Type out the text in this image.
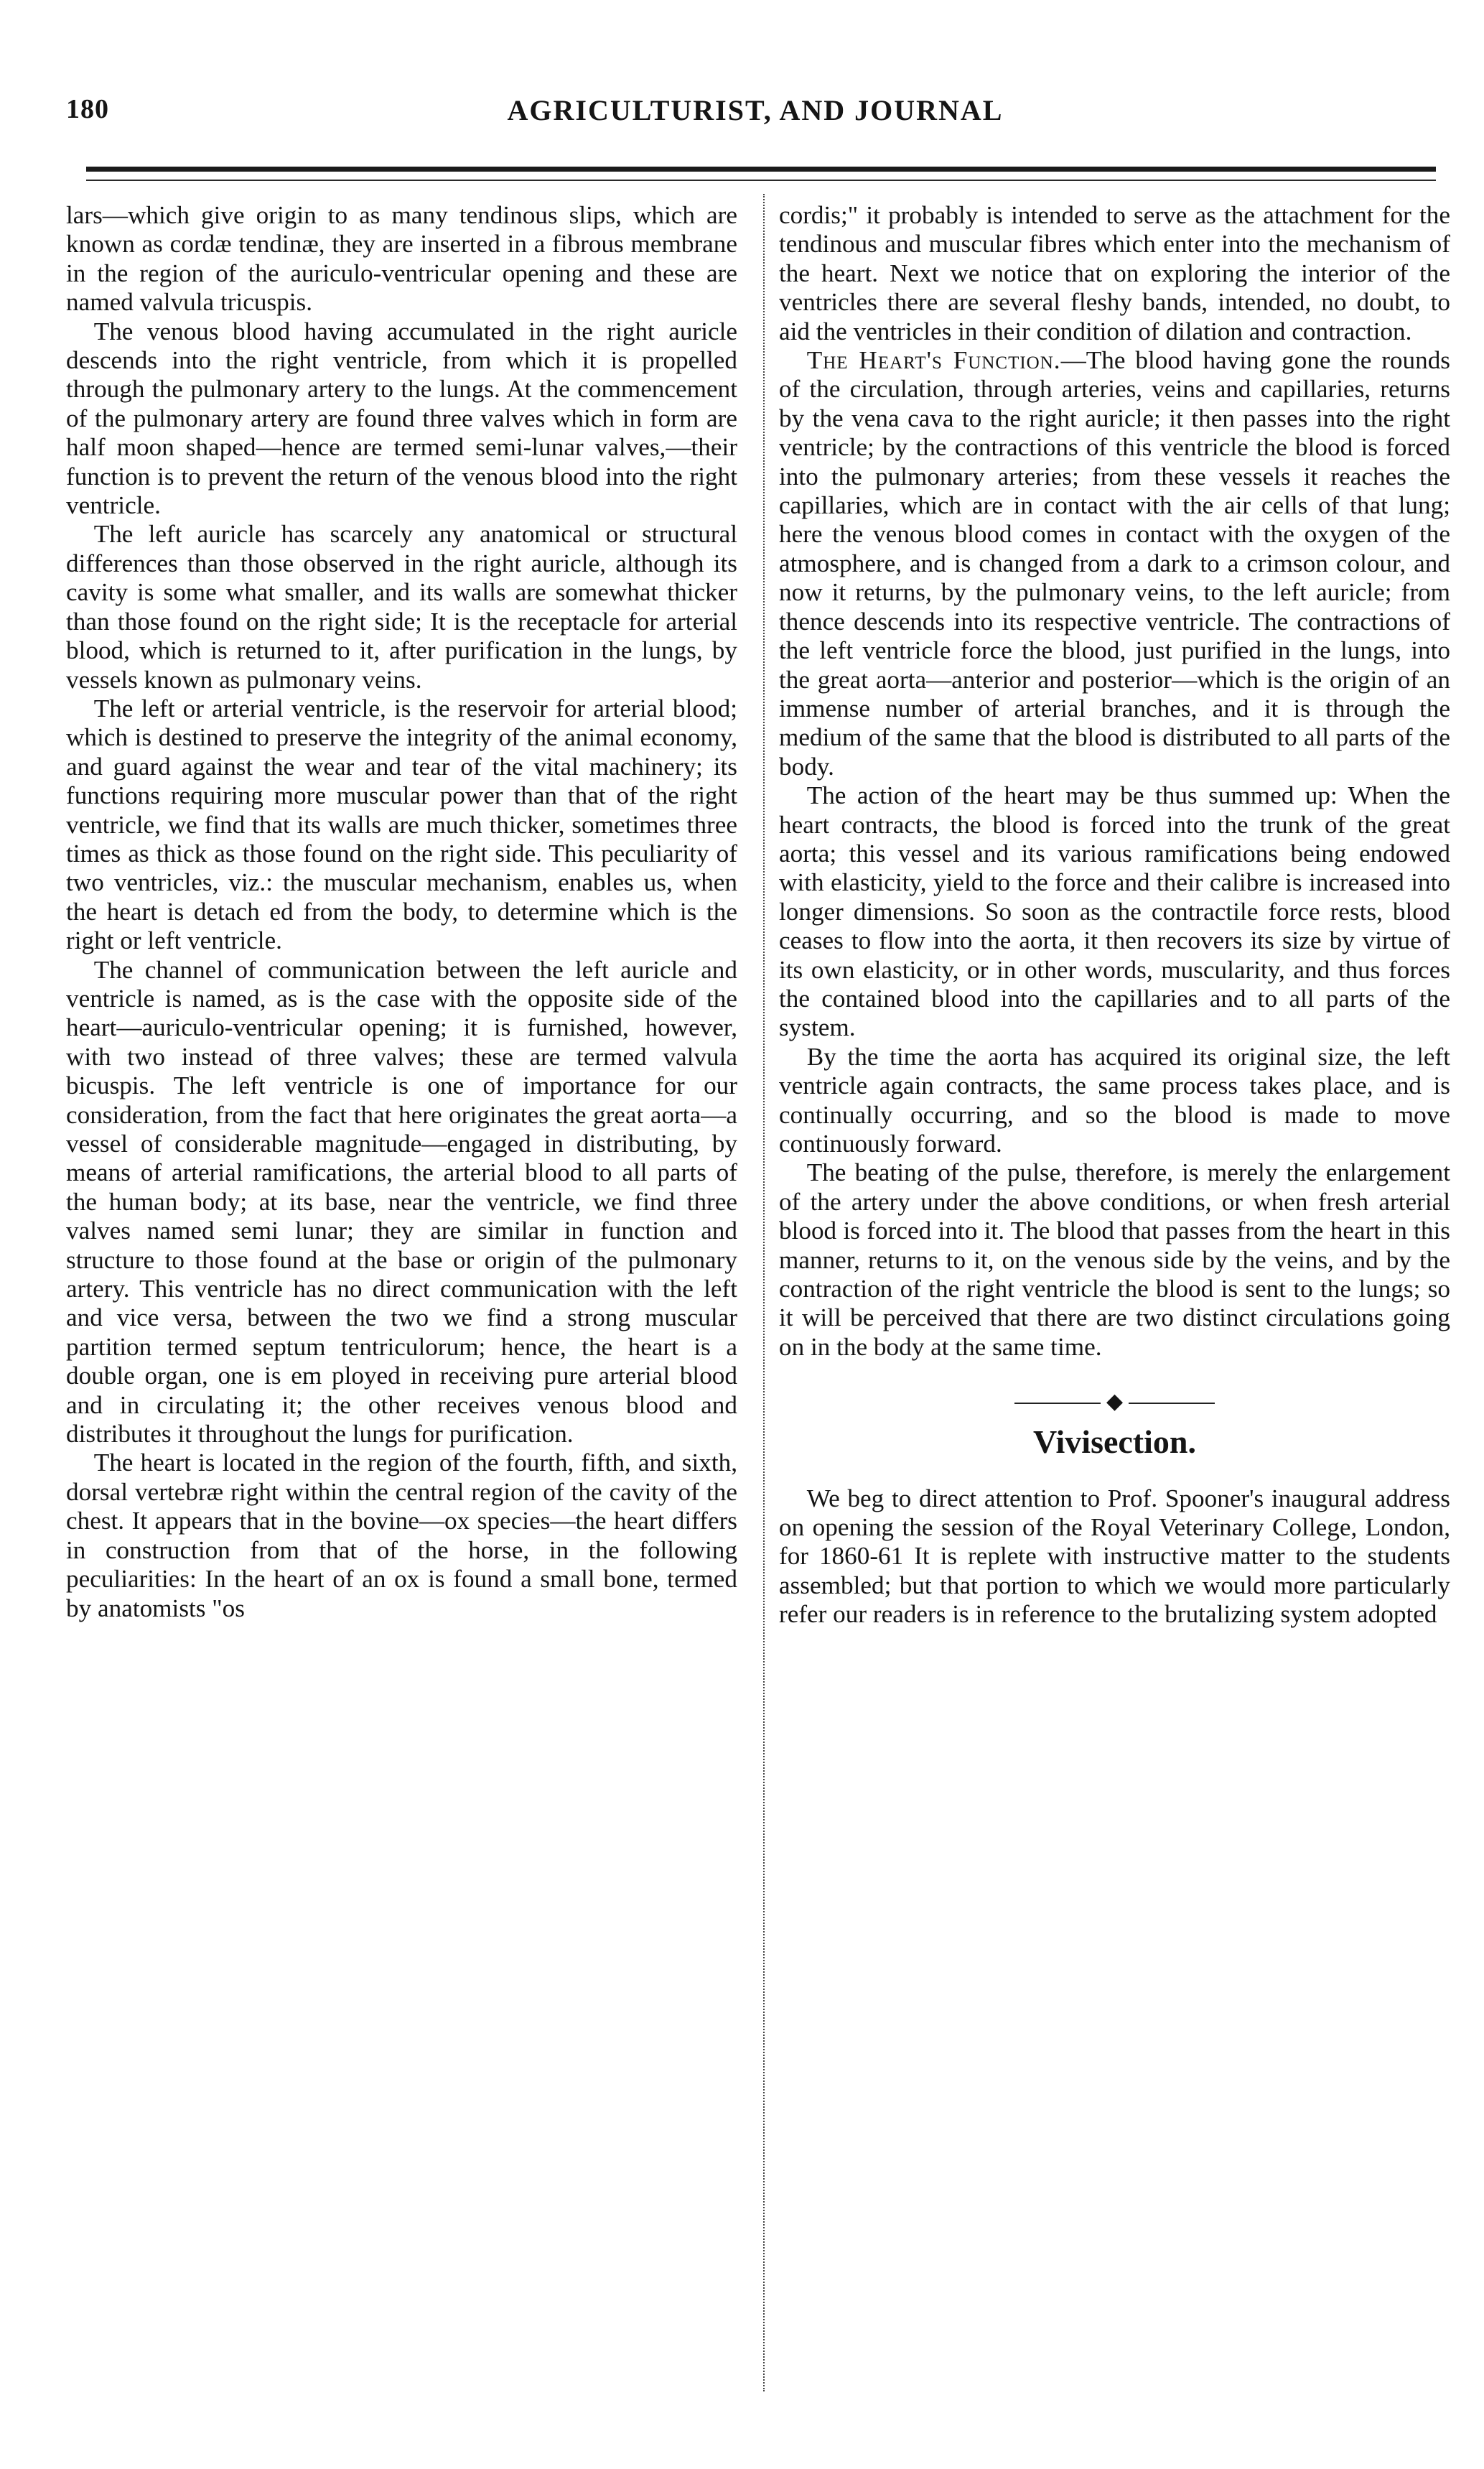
180	AGRICULTURIST, AND JOURNAL

lars—which give origin to as many tendinous slips, which are known as cordæ tendinæ, they are inserted in a fibrous membrane in the region of the auriculo-ventricular opening and these are named valvula tricuspis.

The venous blood having accumulated in the right auricle descends into the right ventricle, from which it is propelled through the pulmonary artery to the lungs. At the commencement of the pulmonary artery are found three valves which in form are half moon shaped—hence are termed semi-lunar valves,—their function is to prevent the return of the venous blood into the right ventricle.

The left auricle has scarcely any anatomical or structural differences than those observed in the right auricle, although its cavity is some what smaller, and its walls are somewhat thicker than those found on the right side; It is the receptacle for arterial blood, which is returned to it, after purification in the lungs, by vessels known as pulmonary veins.

The left or arterial ventricle, is the reservoir for arterial blood; which is destined to preserve the integrity of the animal economy, and guard against the wear and tear of the vital machinery; its functions requiring more muscular power than that of the right ventricle, we find that its walls are much thicker, sometimes three times as thick as those found on the right side. This peculiarity of two ventricles, viz.: the muscular mechanism, enables us, when the heart is detach ed from the body, to determine which is the right or left ventricle.

The channel of communication between the left auricle and ventricle is named, as is the case with the opposite side of the heart—auriculo-ventricular opening; it is furnished, however, with two instead of three valves; these are termed valvula bicuspis. The left ventricle is one of importance for our consideration, from the fact that here originates the great aorta—a vessel of considerable magnitude—engaged in distributing, by means of arterial ramifications, the arterial blood to all parts of the human body; at its base, near the ventricle, we find three valves named semi lunar; they are similar in function and structure to those found at the base or origin of the pulmonary artery. This ventricle has no direct communication with the left and vice versa, between the two we find a strong muscular partition termed septum tentriculorum; hence, the heart is a double organ, one is em ployed in receiving pure arterial blood and in circulating it; the other receives venous blood and distributes it throughout the lungs for purification.

The heart is located in the region of the fourth, fifth, and sixth, dorsal vertebræ right within the central region of the cavity of the chest. It appears that in the bovine—ox species—the heart differs in construction from that of the horse, in the following peculiarities: In the heart of an ox is found a small bone, termed by anatomists "os

cordis;" it probably is intended to serve as the attachment for the tendinous and muscular fibres which enter into the mechanism of the heart. Next we notice that on exploring the interior of the ventricles there are several fleshy bands, intended, no doubt, to aid the ventricles in their condition of dilation and contraction.

The Heart's Function.—The blood having gone the rounds of the circulation, through arteries, veins and capillaries, returns by the vena cava to the right auricle; it then passes into the right ventricle; by the contractions of this ventricle the blood is forced into the pulmonary arteries; from these vessels it reaches the capillaries, which are in contact with the air cells of that lung; here the venous blood comes in contact with the oxygen of the atmosphere, and is changed from a dark to a crimson colour, and now it returns, by the pulmonary veins, to the left auricle; from thence descends into its respective ventricle. The contractions of the left ventricle force the blood, just purified in the lungs, into the great aorta—anterior and posterior—which is the origin of an immense number of arterial branches, and it is through the medium of the same that the blood is distributed to all parts of the body.

The action of the heart may be thus summed up: When the heart contracts, the blood is forced into the trunk of the great aorta; this vessel and its various ramifications being endowed with elasticity, yield to the force and their calibre is increased into longer dimensions. So soon as the contractile force rests, blood ceases to flow into the aorta, it then recovers its size by virtue of its own elasticity, or in other words, muscularity, and thus forces the contained blood into the capillaries and to all parts of the system.

By the time the aorta has acquired its original size, the left ventricle again contracts, the same process takes place, and is continually occurring, and so the blood is made to move continuously forward.

The beating of the pulse, therefore, is merely the enlargement of the artery under the above conditions, or when fresh arterial blood is forced into it. The blood that passes from the heart in this manner, returns to it, on the venous side by the veins, and by the contraction of the right ventricle the blood is sent to the lungs; so it will be perceived that there are two distinct circulations going on in the body at the same time.

◆
Vivisection.

We beg to direct attention to Prof. Spooner's inaugural address on opening the session of the Royal Veterinary College, London, for 1860-61 It is replete with instructive matter to the students assembled; but that portion to which we would more particularly refer our readers is in reference to the brutalizing system adopted
